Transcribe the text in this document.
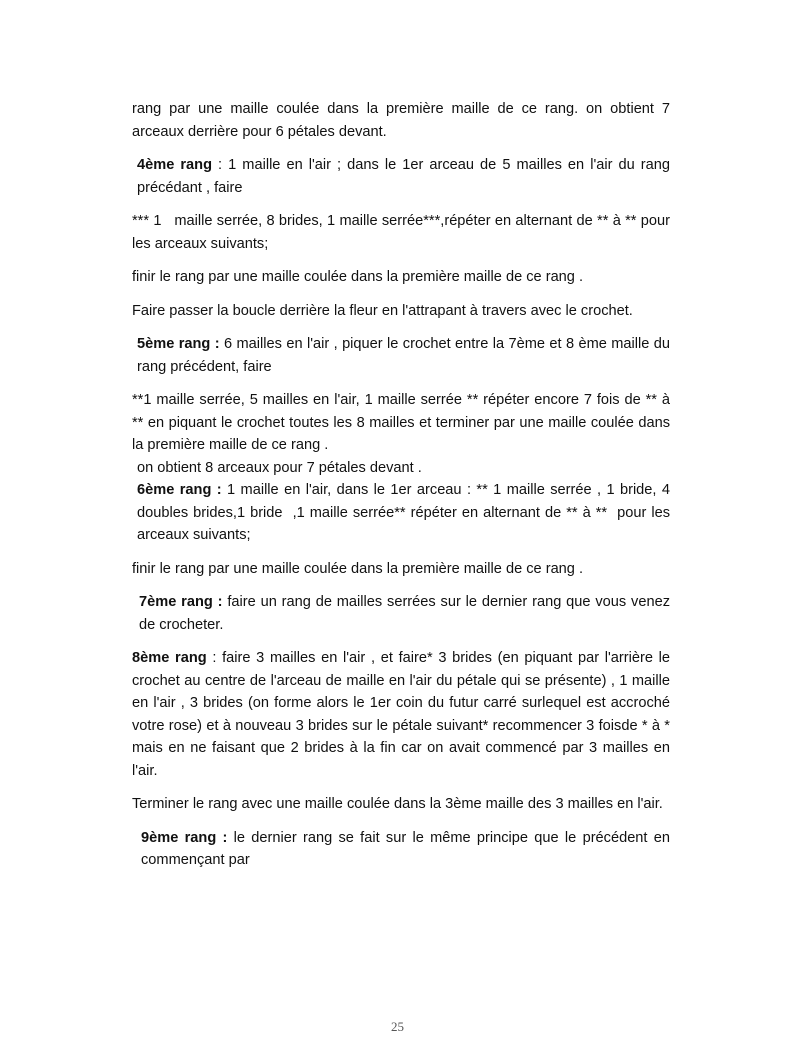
rang par une maille coulée dans la première maille de ce rang. on obtient 7 arceaux derrière pour 6 pétales devant.

4ème rang : 1 maille en l'air ; dans le 1er arceau de 5 mailles en l'air du rang précédant , faire

*** 1   maille serrée, 8 brides, 1 maille serrée***,répéter en alternant de ** à ** pour les arceaux suivants;

finir le rang par une maille coulée dans la première maille de ce rang .

Faire passer la boucle derrière la fleur en l'attrapant à travers avec le crochet.

5ème rang : 6 mailles en l'air , piquer le crochet entre la 7ème et 8 ème maille du rang précédent, faire

**1 maille serrée, 5 mailles en l'air, 1 maille serrée ** répéter encore 7 fois de ** à ** en piquant le crochet toutes les 8 mailles et terminer par une maille coulée dans la première maille de ce rang .

on obtient 8 arceaux pour 7 pétales devant .

6ème rang : 1 maille en l'air, dans le 1er arceau : ** 1 maille serrée , 1 bride, 4 doubles brides,1 bride  ,1 maille serrée** répéter en alternant de ** à **  pour les arceaux suivants;

finir le rang par une maille coulée dans la première maille de ce rang .

7ème rang : faire un rang de mailles serrées sur le dernier rang que vous venez de crocheter.

8ème rang : faire 3 mailles en l'air , et faire* 3 brides (en piquant par l'arrière le crochet au centre de l'arceau de maille en l'air du pétale qui se présente) , 1 maille en l'air , 3 brides (on forme alors le 1er coin du futur carré surlequel est accroché votre rose) et à nouveau 3 brides sur le pétale suivant* recommencer 3 foisde * à * mais en ne faisant que 2 brides à la fin car on avait commencé par 3 mailles en l'air.

Terminer le rang avec une maille coulée dans la 3ème maille des 3 mailles en l'air.

9ème rang : le dernier rang se fait sur le même principe que le précédent en commençant par

25
